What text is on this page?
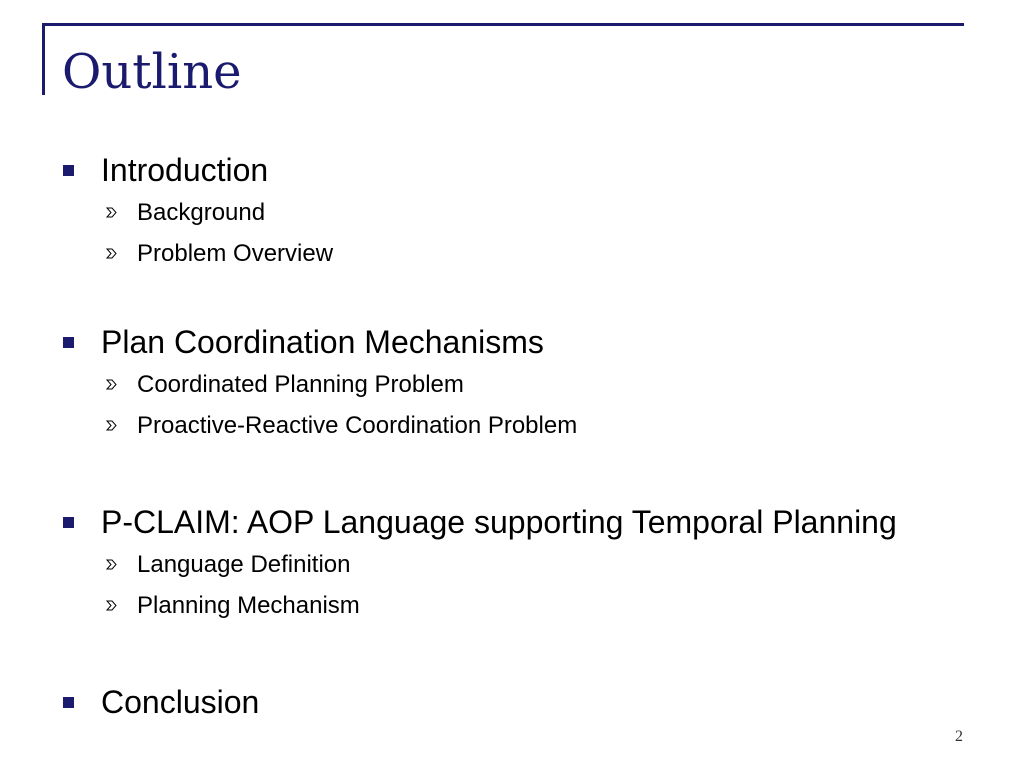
Outline
Introduction
Background
Problem Overview
Plan Coordination Mechanisms
Coordinated Planning Problem
Proactive-Reactive Coordination Problem
P-CLAIM: AOP Language supporting Temporal Planning
Language Definition
Planning Mechanism
Conclusion
2
